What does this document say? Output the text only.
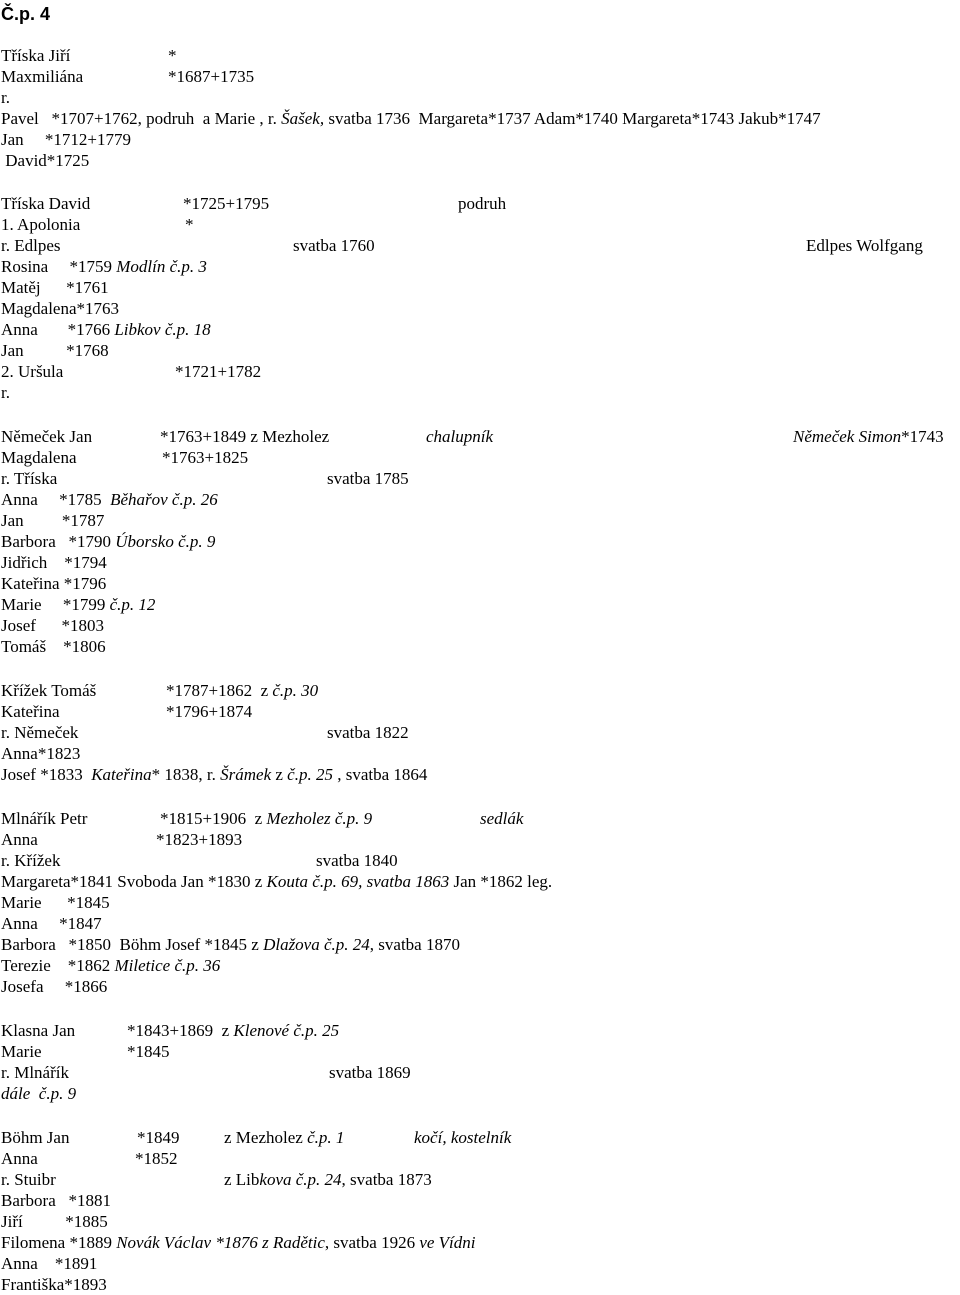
Č.p. 4
Tříska Jiří	*
Maxmiliána	*1687+1735
r.
Pavel   *1707+1762, podruh  a Marie , r. Šašek, svatba 1736  Margareta*1737 Adam*1740 Margareta*1743 Jakub*1747
Jan     *1712+1779
David*1725
Tříska David	*1725+1795	podruh
1. Apolonia	*
r. Edlpes	svatba 1760	Edlpes Wolfgang
Rosina     *1759 Modlín č.p. 3
Matěj      *1761
Magdalena*1763
Anna       *1766 Libkov č.p. 18
Jan          *1768
2. Uršula	*1721+1782
r.
Němeček Jan	*1763+1849 z Mezholez	chalupník	Němeček Simon*1743
Magdalena	*1763+1825
r. Tříska	svatba 1785
Anna     *1785  Běhařov č.p. 26
Jan         *1787
Barbora   *1790 Úborsko č.p. 9
Jidřich    *1794
Kateřina *1796
Marie     *1799 č.p. 12
Josef      *1803
Tomáš    *1806
Křížek Tomáš	*1787+1862  z č.p. 30
Kateřina	*1796+1874
r. Němeček	svatba 1822
Anna*1823
Josef *1833  Kateřina* 1838, r. Šrámek z č.p. 25 , svatba 1864
Mlnářík Petr	*1815+1906  z Mezholez č.p. 9	sedlák
Anna	*1823+1893
r. Křížek	svatba 1840
Margareta*1841 Svoboda Jan *1830 z Kouta č.p. 69, svatba 1863 Jan *1862 leg.
Marie      *1845
Anna     *1847
Barbora   *1850  Böhm Josef *1845 z Dlažova č.p. 24, svatba 1870
Terezie    *1862 Miletice č.p. 36
Josefa     *1866
Klasna Jan	*1843+1869  z Klenové č.p. 25
Marie	*1845
r. Mlnářík	svatba 1869
dále  č.p. 9
Böhm Jan	*1849	z Mezholez č.p. 1	kočí, kostelník
Anna	*1852
r. Stuibr	z Libkova č.p. 24, svatba 1873
Barbora   *1881
Jiří          *1885
Filomena *1889 Novák Václav *1876 z Radětic, svatba 1926 ve Vídni
Anna    *1891
Františka*1893
